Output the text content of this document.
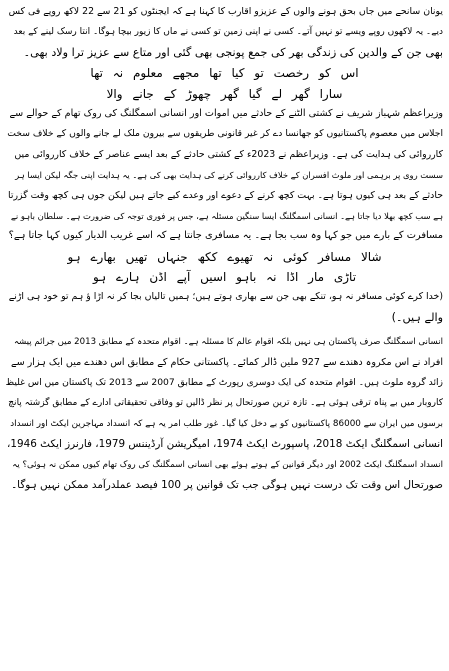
یونان سانحے میں جاں بحق ہونے والوں کے عزیزو اقارب کا کہنا ہے کہ ایجنٹوں کو 21 سے 22 لاکھ روپے فی کس
دیے۔ یہ لاکھوں روپے ویسے تو نہیں آتے۔ کسی نے اپنی زمین تو کسی نے ماں کا زیور بیچا ہوگا۔ انتا رسک لینے کے بعد
بھی جن کے والدین کی زندگی بھر کی جمع پونجی بھی گئی اور متاع سے عزیز ترا ولاد بھی۔
اس کو رخصت تو کیا تھا مجھے معلوم نہ تھا
سارا گھر لے گیا گھر چھوڑ کے جانے والا
وزیراعظم شہباز شریف نے کشتی الٹنے کے حادثے میں اموات اور انسانی اسمگلنگ کی روک تھام کے حوالے سے
اجلاس میں معصوم پاکستانیوں کو جھانسا دے کر غیر قانونی طریقوں سے بیرون ملک لے جانے والوں کے خلاف سخت
کارروائی کی ہدایت کی ہے۔ وزیراعظم نے 2023ء کے کشتی حادثے کے بعد ایسے عناصر کے خلاف کارروائی میں
سست روی پر برہمی اور ملوث افسران کے خلاف کارروائی کرنے کی ہدایت بھی کی ہے۔ یہ ہدایت اپنی جگہ لیکن ایسا ہر
حادثے کے بعد ہی کیوں ہوتا ہے۔ بہت کچھ کرنے کے دعوے اور وعدے کیے جاتے ہیں لیکن جوں ہی کچھ وقت گزرتا
ہے سب کچھ بھلا دیا جاتا ہے۔ انسانی اسمگلنگ ایسا سنگین مسئلہ ہے، جس پر فوری توجہ کی ضرورت ہے۔ سلطان باہو نے
مسافرت کے بارے میں جو کہا وہ سب بجا ہے۔ یہ مسافری جانتا ہے کہ اسے غریب الدیار کیوں کہا جاتا ہے؟
شالا مسافر کوئی نہ تھیوے ککھ جنہاں تھیں بھارے ہو
تاڑی مار اڈا نہ باہو اسیں آپے اڈن ہارے ہو
(خدا کرے کوئی مسافر نہ ہو، تنکے بھی جن سے بھاری ہوتے ہیں؛ ہمیں تالیاں بجا کر نہ اڑا ؤ ہم تو خود ہی اڑنے
والے ہیں۔)
انسانی اسمگلنگ صرف پاکستان ہی نہیں بلکہ اقوام عالم کا مسئلہ ہے۔ اقوام متحدہ کے مطابق 2013 میں جرائم پیشہ
افراد نے اس مکروہ دھندے سے 927 ملین ڈالر کمائے۔ پاکستانی حکام کے مطابق اس دھندے میں ایک ہزار سے
زائد گروہ ملوث ہیں۔ اقوام متحدہ کی ایک دوسری رپورٹ کے مطابق 2007 سے 2013 تک پاکستان میں اس غلیظ
کاروبار میں بے پناہ ترقی ہوئی ہے۔ تازہ ترین صورتحال پر نظر ڈالیں تو وفاقی تحقیقاتی ادارے کے مطابق گزشتہ پانچ
برسوں میں ایران سے 86000 پاکستانیوں کو بے دخل کیا گیا۔ غور طلب امر یہ ہے کہ انسداد مہاجرین ایکٹ اور انسداد
انسانی اسمگلنگ ایکٹ 2018، پاسپورٹ ایکٹ 1974، امیگریشن آرڈیننس 1979، فارنرز ایکٹ 1946،
انسداد اسمگلنگ ایکٹ 2002 اور دیگر قوانین کے ہوتے ہوئے بھی انسانی اسمگلنگ کی روک تھام کیوں ممکن نہ ہوئی؟ یہ
صورتحال اس وقت تک درست نہیں ہوگی جب تک قوانین پر 100 فیصد عملدرآمد ممکن نہیں ہوگا۔
